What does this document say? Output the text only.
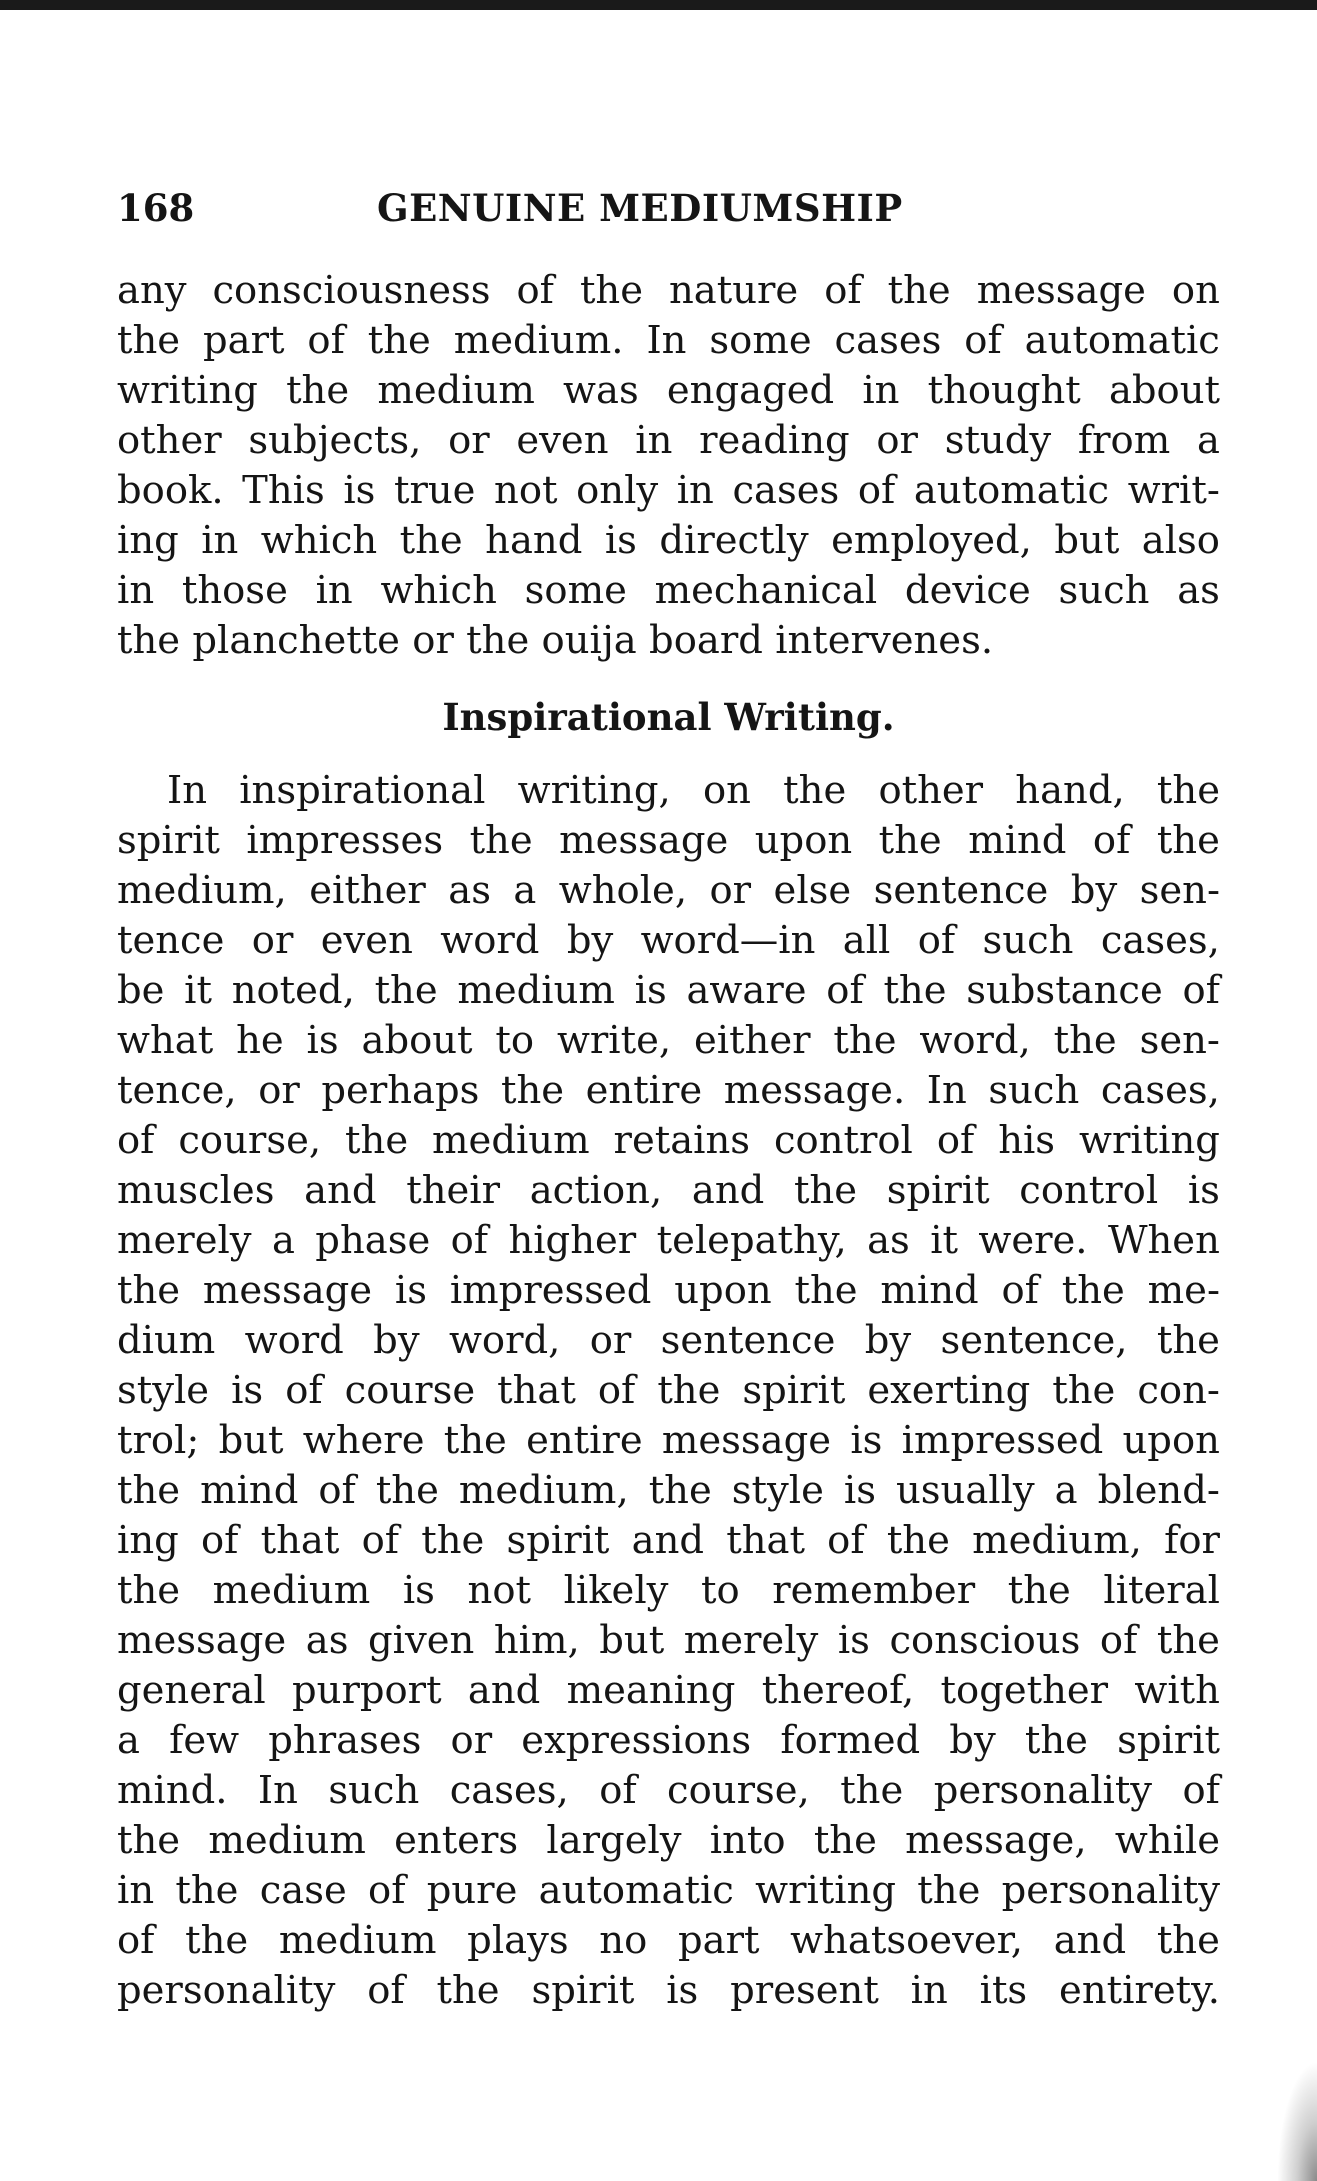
168	GENUINE MEDIUMSHIP
any consciousness of the nature of the message on
the part of the medium. In some cases of automatic
writing the medium was engaged in thought about
other subjects, or even in reading or study from a
book. This is true not only in cases of automatic writ-
ing in which the hand is directly employed, but also
in those in which some mechanical device such as
the planchette or the ouija board intervenes.
Inspirational Writing.
In inspirational writing, on the other hand, the
spirit impresses the message upon the mind of the
medium, either as a whole, or else sentence by sen-
tence or even word by word—in all of such cases,
be it noted, the medium is aware of the substance of
what he is about to write, either the word, the sen-
tence, or perhaps the entire message. In such cases,
of course, the medium retains control of his writing
muscles and their action, and the spirit control is
merely a phase of higher telepathy, as it were. When
the message is impressed upon the mind of the me-
dium word by word, or sentence by sentence, the
style is of course that of the spirit exerting the con-
trol; but where the entire message is impressed upon
the mind of the medium, the style is usually a blend-
ing of that of the spirit and that of the medium, for
the medium is not likely to remember the literal
message as given him, but merely is conscious of the
general purport and meaning thereof, together with
a few phrases or expressions formed by the spirit
mind. In such cases, of course, the personality of
the medium enters largely into the message, while
in the case of pure automatic writing the personality
of the medium plays no part whatsoever, and the
personality of the spirit is present in its entirety.
